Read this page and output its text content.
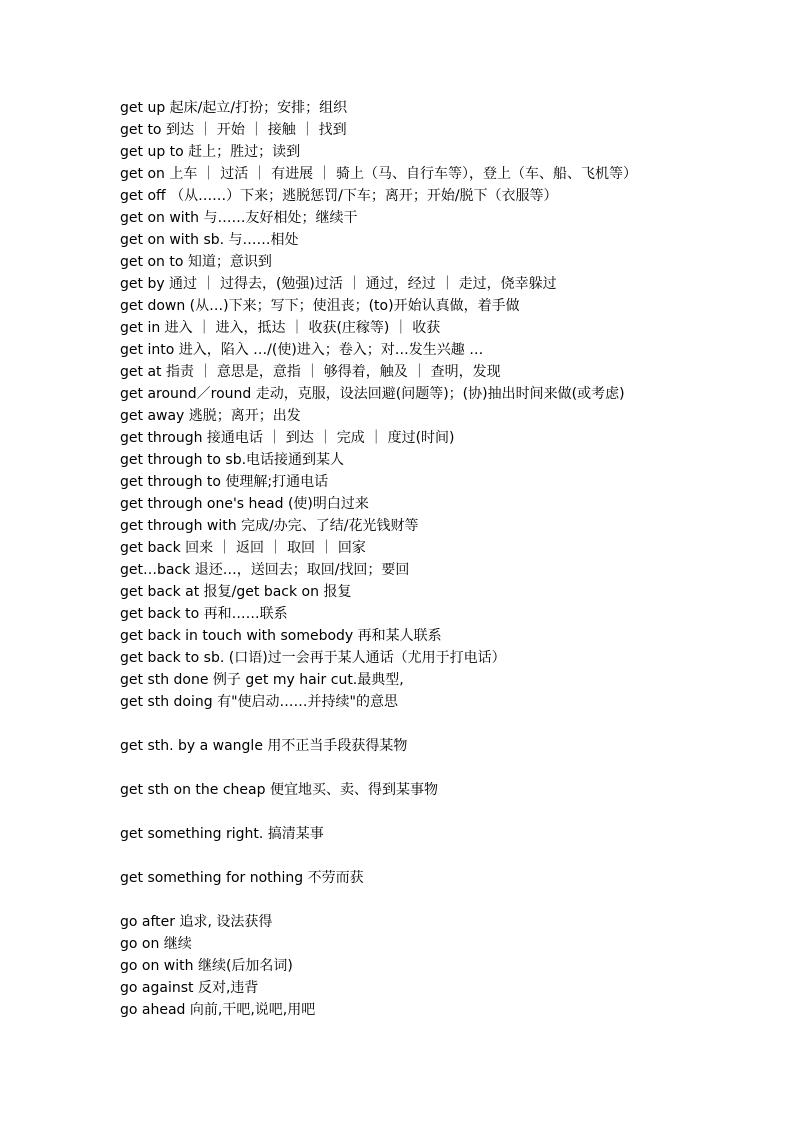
get up 起床/起立/打扮；安排；组织
get to 到达 ｜ 开始 ｜ 接触 ｜ 找到
get up to 赶上；胜过；读到
get on 上车 ｜ 过活 ｜ 有进展 ｜ 骑上（马、自行车等），登上（车、船、飞机等）
get off （从……）下来；逃脱惩罚/下车；离开；开始/脱下（衣服等）
get on with 与……友好相处；继续干
get on with sb. 与……相处
get on to 知道；意识到
get by 通过 ｜ 过得去，(勉强)过活 ｜ 通过，经过 ｜ 走过，侥幸躲过
get down (从…)下来；写下；使沮丧；(to)开始认真做，着手做
get in 进入 ｜ 进入，抵达 ｜ 收获(庄稼等) ｜ 收获
get into 进入，陷入 …/(使)进入；卷入；对…发生兴趣 …
get at 指责 ｜ 意思是，意指 ｜ 够得着，触及 ｜ 查明，发现
get around／round 走动，克服，设法回避(问题等)；(协)抽出时间来做(或考虑)
get away 逃脱；离开；出发
get through 接通电话 ｜ 到达 ｜ 完成 ｜ 度过(时间)
get through to sb.电话接通到某人
get through to 使理解;打通电话
get through one's head (使)明白过来
get through with 完成/办完、了结/花光钱财等
get back 回来 ｜ 返回 ｜ 取回 ｜ 回家
get…back 退还…，送回去；取回/找回；要回
get back at 报复/get back on 报复
get back to 再和……联系
get back in touch with somebody 再和某人联系
get back to sb. (口语)过一会再于某人通话（尤用于打电话）
get sth done 例子 get my hair cut.最典型,
get sth doing 有"使启动……并持续"的意思
get sth. by a wangle 用不正当手段获得某物
get sth on the cheap 便宜地买、卖、得到某事物
get something right. 搞清某事
get something for nothing 不劳而获
go after 追求, 设法获得
go on 继续
go on with 继续(后加名词)
go against 反对,违背
go ahead 向前,干吧,说吧,用吧
